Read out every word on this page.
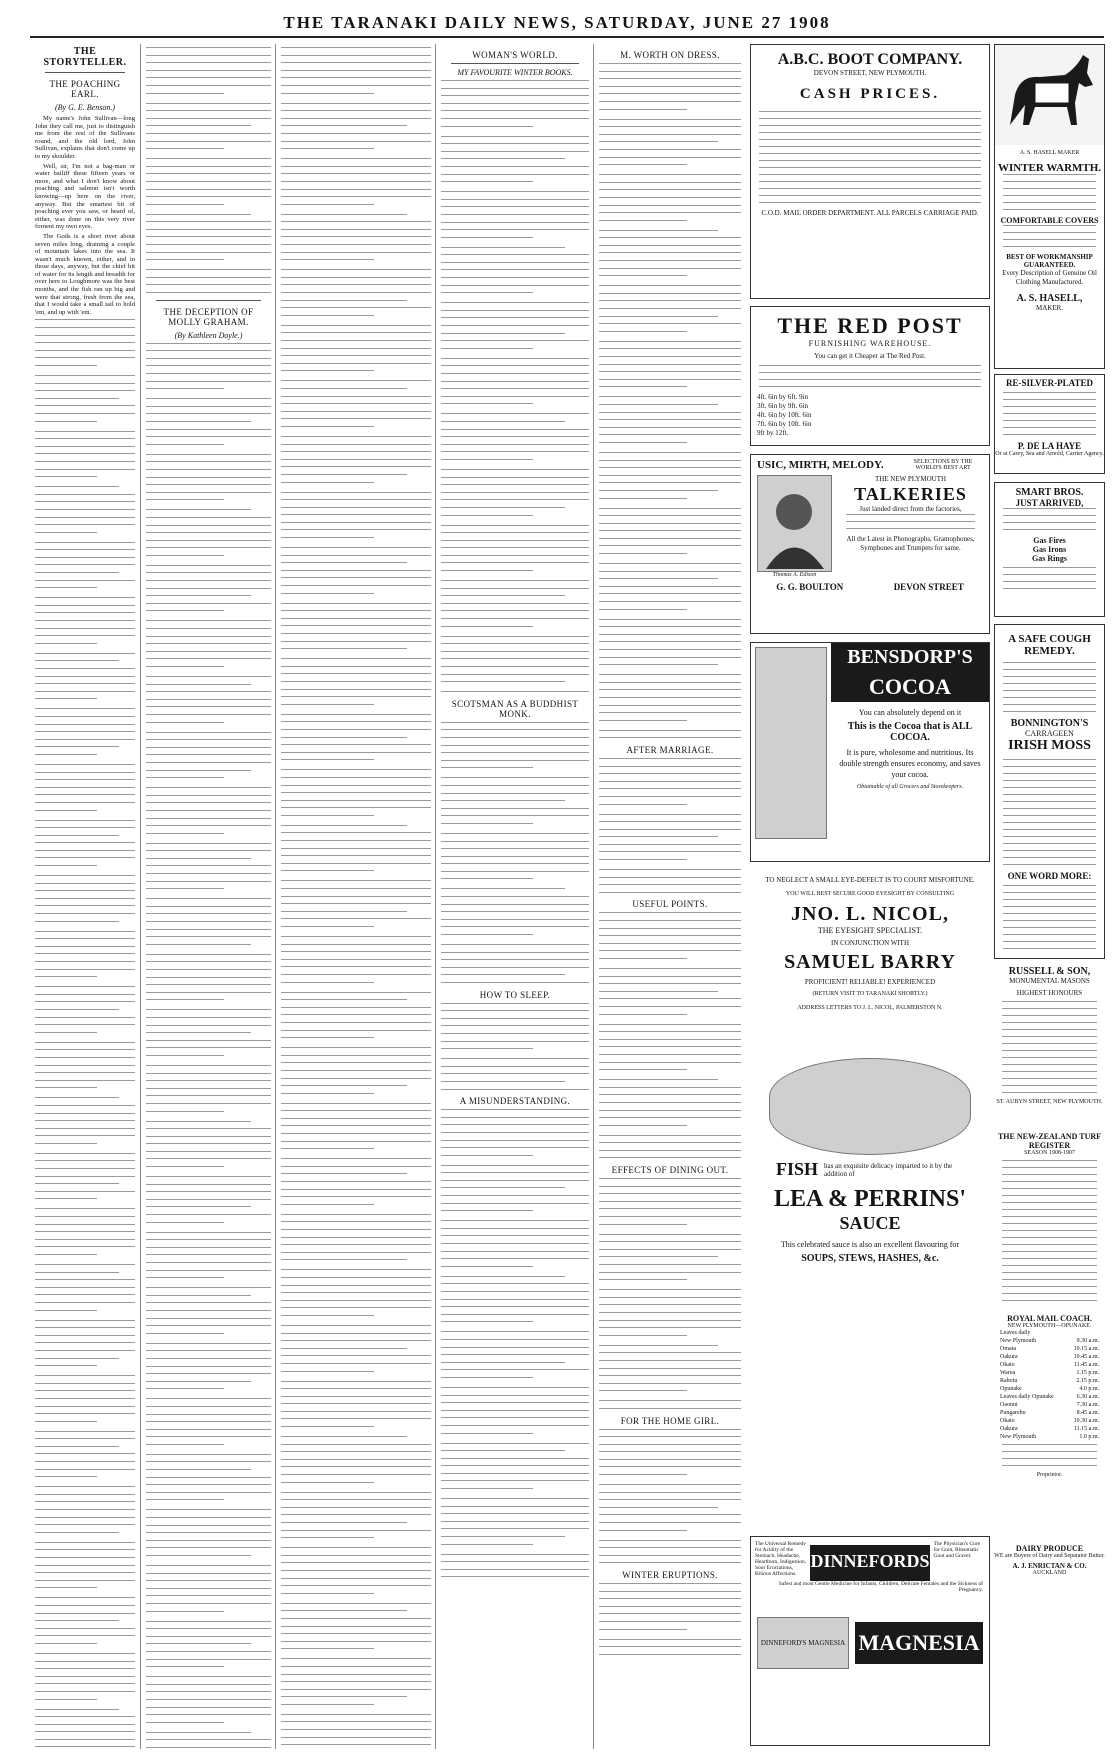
THE TARANAKI DAILY NEWS, SATURDAY, JUNE 27 1908
THE STORYTELLER.
THE POACHING EARL.
(By G. E. Benson.)

My name's John Sullivan—long John they call me, just to distinguish me from the rest of the Sullivans round, and the old lord, John Sullivan, explains that don't come up to my shoulder.

Well, sir, I'm not a bag-man or water bailiff these fifteen years or more, and what I don't know about poaching and salmon isn't worth knowing—up here on the river, anyway. But the smartest bit of poaching ever you saw, or heard of, either, was done on this very river fornent my own eyes.

The Gods is a short river about seven miles long, draining a couple of mountain lakes into the sea. It wasn't much known, either, and in those days, anyway, but the chief bit of water for its length and breadth for over here to Loughmore was the best months, and the fish ran up big and were that strong, fresh from the sea, that I would take a small tail to hold 'em, and up with 'em.	THE DECEPTION OF MOLLY GRAHAM.
(By Kathleen Doyle.)
WOMAN'S WORLD.
MY FAVOURITE WINTER BOOKS.
SCOTSMAN AS A BUDDHIST MONK.
HOW TO SLEEP.
A MISUNDERSTANDING.
M. WORTH ON DRESS.
AFTER MARRIAGE.
USEFUL POINTS.
EFFECTS OF DINING OUT.
FOR THE HOME GIRL.
WINTER ERUPTIONS.
A.B.C. BOOT COMPANY.
DEVON STREET, NEW PLYMOUTH.
CASH PRICES.
C.O.D. MAIL ORDER DEPARTMENT. ALL PARCELS CARRIAGE PAID.
A. S. HASELL MAKER
WINTER WARMTH.
COMFORTABLE COVERS
BEST OF WORKMANSHIP GUARANTEED.
Every Description of Genuine Oil Clothing Manufactured.
A. S. HASELL,
MAKER.
THE RED POST
FURNISHING WAREHOUSE.
You can get it Cheaper at The Red Post.
4ft. 6in by 6ft. 9in
3ft. 6in by 9ft. 6in
4ft. 6in by 10ft. 6in
7ft. 6in by 10ft. 6in
9ft by 12ft.
RE-SILVER-PLATED
P. DE LA HAYE
Or at Carey, Sea and Arnold, Carrier Agency.
USIC, MIRTH, MELODY.	SELECTIONS BY THE WORLD'S BEST ART
Thomas A. Edison
THE NEW PLYMOUTH
TALKERIES
Just landed direct from the factories,
All the Latest in Phonographs, Gramophones, Symphones and Trumpets for same.
G. G. BOULTON	DEVON STREET
SMART BROS.
JUST ARRIVED,
Gas Fires
Gas Irons
Gas Rings
A SAFE COUGH REMEDY.
BONNINGTON'S
CARRAGEEN
IRISH MOSS
ONE WORD MORE:
BENSDORP'S
COCOA
You can absolutely depend on it
This is the Cocoa that is ALL COCOA.
It is pure, wholesome and nutritious. Its double strength ensures economy, and saves your cocoa.
Obtainable of all Grocers and Storekeepers.
TO NEGLECT A SMALL EYE-DEFECT IS TO COURT MISFORTUNE.
YOU WILL BEST SECURE GOOD EYESIGHT BY CONSULTING
JNO. L. NICOL,
THE EYESIGHT SPECIALIST.
IN CONJUNCTION WITH
SAMUEL BARRY
PROFICIENT! RELIABLE! EXPERIENCED
(RETURN VISIT TO TARANAKI SHORTLY.)
ADDRESS LETTERS TO J. L. NICOL, PALMERSTON N.
RUSSELL & SON,
MONUMENTAL MASONS
HIGHEST HONOURS
ST. AUBYN STREET, NEW PLYMOUTH.
THE NEW-ZEALAND TURF REGISTER
SEASON 1908-1907
FISH has an exquisite delicacy imparted to it by the addition of
LEA & PERRINS'
SAUCE
This celebrated sauce is also an excellent flavouring for
SOUPS, STEWS, HASHES, &c.
ROYAL MAIL COACH.
NEW PLYMOUTH—OPUNAKE.
Leaves daily
New Plymouth	9.30 a.m.
Omata	10.15 a.m.
Oakura	10.45 a.m.
Okato	11.45 a.m.
Warea	1.15 p.m.
Rahotu	2.15 p.m.
Opunake	4.0 p.m.
Leaves daily Opunake	6.30 a.m.
Oaonui	7.30 a.m.
Pungarehu	8.45 a.m.
Okato	10.30 a.m.
Oakura	11.15 a.m.
New Plymouth	1.0 p.m.
Proprietor.
DAIRY PRODUCE
WE are Buyers of Dairy and Separator Butter.
A. J. ENRICTAN & CO.
AUCKLAND
The Universal Remedy for Acidity of the Stomach, Headache, Heartburn, Indigestion, Sour Eructations, Bilious Affections.
DINNEFORDS
The Physician's Cure for Gout, Rheumatic Gout and Gravel.
Safest and most Gentle Medicine for Infants, Children, Delicate Females and the Sickness of Pregnancy.
DINNEFORD'S MAGNESIA MAGNESIA
